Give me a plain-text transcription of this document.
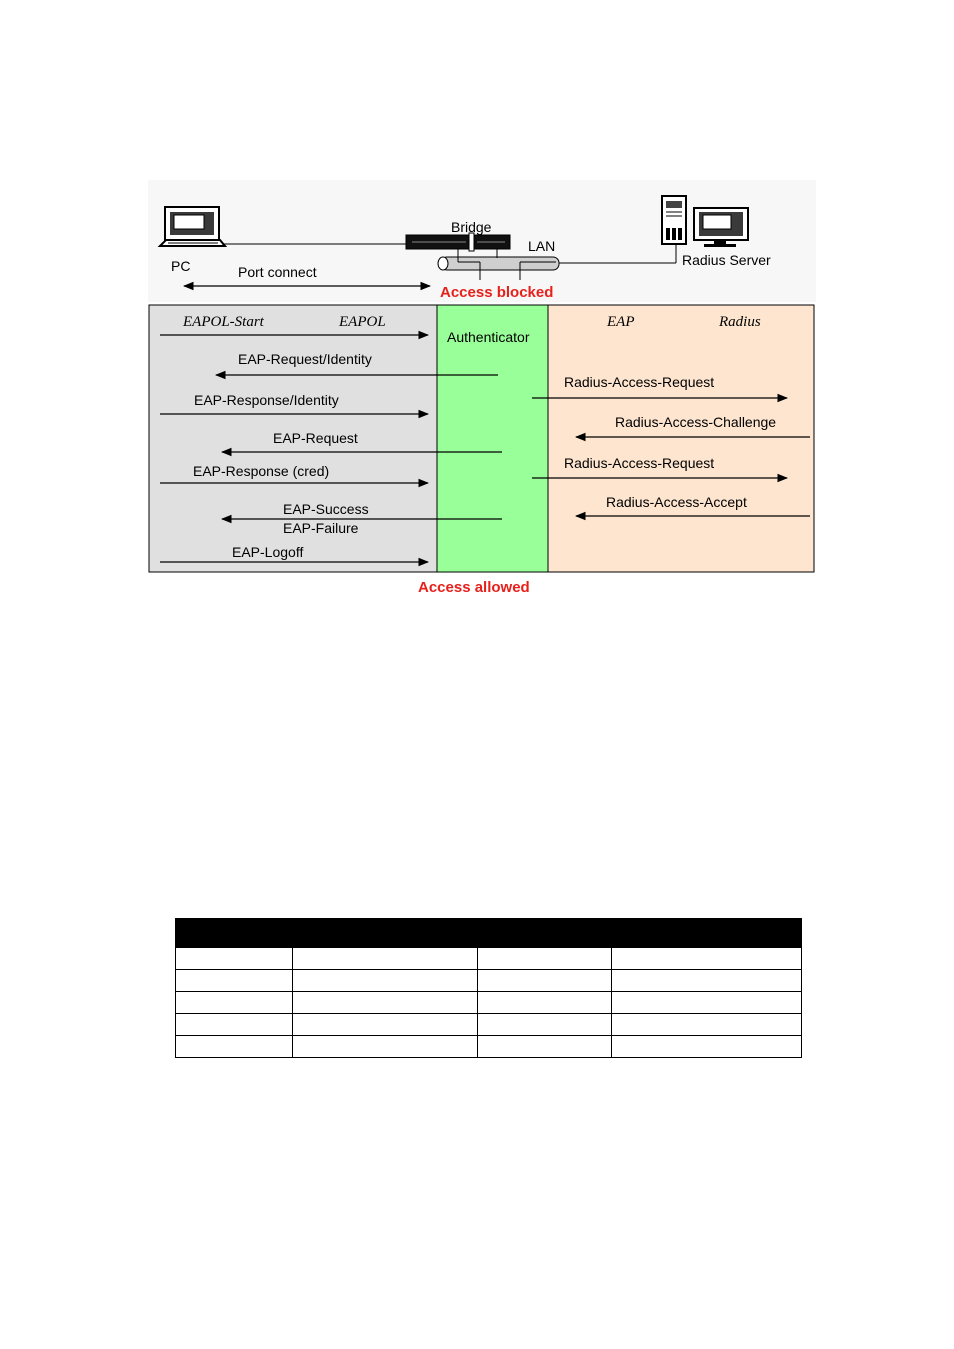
PC
Bridge
LAN
Radius Server
Port connect
Access blocked
EAPOL-Start	EAPOL
Authenticator
EAP	Radius
EAP-Request/Identity
EAP-Response/Identity
EAP-Request
EAP-Response (cred)
EAP-Success
EAP-Failure
EAP-Logoff
Radius-Access-Request
Radius-Access-Challenge
Radius-Access-Request
Radius-Access-Accept
Access allowed
